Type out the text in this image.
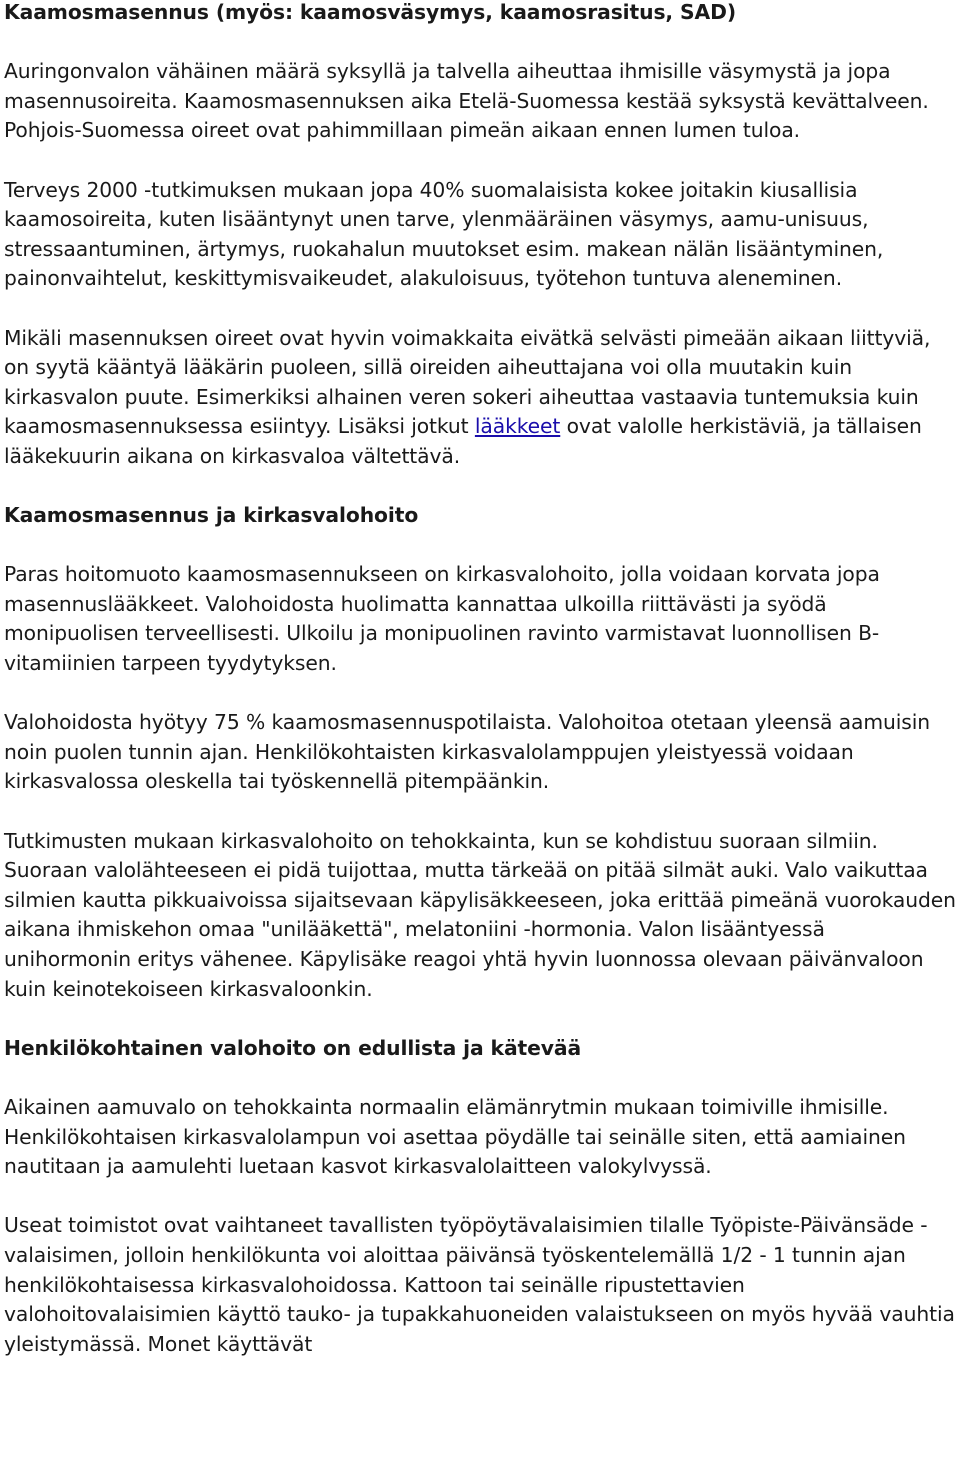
Kaamosmasennus (myös: kaamosväsymys, kaamosrasitus, SAD)

Auringonvalon vähäinen määrä syksyllä ja talvella aiheuttaa ihmisille väsymystä ja jopa masennusoireita. Kaamosmasennuksen aika Etelä-Suomessa kestää syksystä kevättalveen. Pohjois-Suomessa oireet ovat pahimmillaan pimeän aikaan ennen lumen tuloa.

Terveys 2000 -tutkimuksen mukaan jopa 40% suomalaisista kokee joitakin kiusallisia kaamosoireita, kuten lisääntynyt unen tarve, ylenmääräinen väsymys, aamu-unisuus, stressaantuminen, ärtymys, ruokahalun muutokset esim. makean nälän lisääntyminen, painonvaihtelut, keskittymisvaikeudet, alakuloisuus, työtehon tuntuva aleneminen.

Mikäli masennuksen oireet ovat hyvin voimakkaita eivätkä selvästi pimeään aikaan liittyviä, on syytä kääntyä lääkärin puoleen, sillä oireiden aiheuttajana voi olla muutakin kuin kirkasvalon puute. Esimerkiksi alhainen veren sokeri aiheuttaa vastaavia tuntemuksia kuin kaamosmasennuksessa esiintyy. Lisäksi jotkut lääkkeet ovat valolle herkistäviä, ja tällaisen lääkekuurin aikana on kirkasvaloa vältettävä.

Kaamosmasennus ja kirkasvalohoito

Paras hoitomuoto kaamosmasennukseen on kirkasvalohoito, jolla voidaan korvata jopa masennuslääkkeet. Valohoidosta huolimatta kannattaa ulkoilla riittävästi ja syödä monipuolisen terveellisesti. Ulkoilu ja monipuolinen ravinto varmistavat luonnollisen B-vitamiinien tarpeen tyydytyksen.

Valohoidosta hyötyy 75 % kaamosmasennuspotilaista. Valohoitoa otetaan yleensä aamuisin noin puolen tunnin ajan. Henkilökohtaisten kirkasvalolamppujen yleistyessä voidaan kirkasvalossa oleskella tai työskennellä pitempäänkin.

Tutkimusten mukaan kirkasvalohoito on tehokkainta, kun se kohdistuu suoraan silmiin. Suoraan valolähteeseen ei pidä tuijottaa, mutta tärkeää on pitää silmät auki. Valo vaikuttaa silmien kautta pikkuaivoissa sijaitsevaan käpylisäkkeeseen, joka erittää pimeänä vuorokauden aikana ihmiskehon omaa "unilääkettä", melatoniini -hormonia. Valon lisääntyessä unihormonin eritys vähenee. Käpylisäke reagoi yhtä hyvin luonnossa olevaan päivänvaloon kuin keinotekoiseen kirkasvaloonkin.

Henkilökohtainen valohoito on edullista ja kätevää

Aikainen aamuvalo on tehokkainta normaalin elämänrytmin mukaan toimiville ihmisille. Henkilökohtaisen kirkasvalolampun voi asettaa pöydälle tai seinälle siten, että aamiainen nautitaan ja aamulehti luetaan kasvot kirkasvalolaitteen valokylvyssä.

Useat toimistot ovat vaihtaneet tavallisten työpöytävalaisimien tilalle Työpiste-Päivänsäde -valaisimen, jolloin henkilökunta voi aloittaa päivänsä työskentelemällä 1/2 - 1 tunnin ajan henkilökohtaisessa kirkasvalohoidossa. Kattoon tai seinälle ripustettavien valohoitovalaisimien käyttö tauko- ja tupakkahuoneiden valaistukseen on myös hyvää vauhtia yleistymässä. Monet käyttävät
